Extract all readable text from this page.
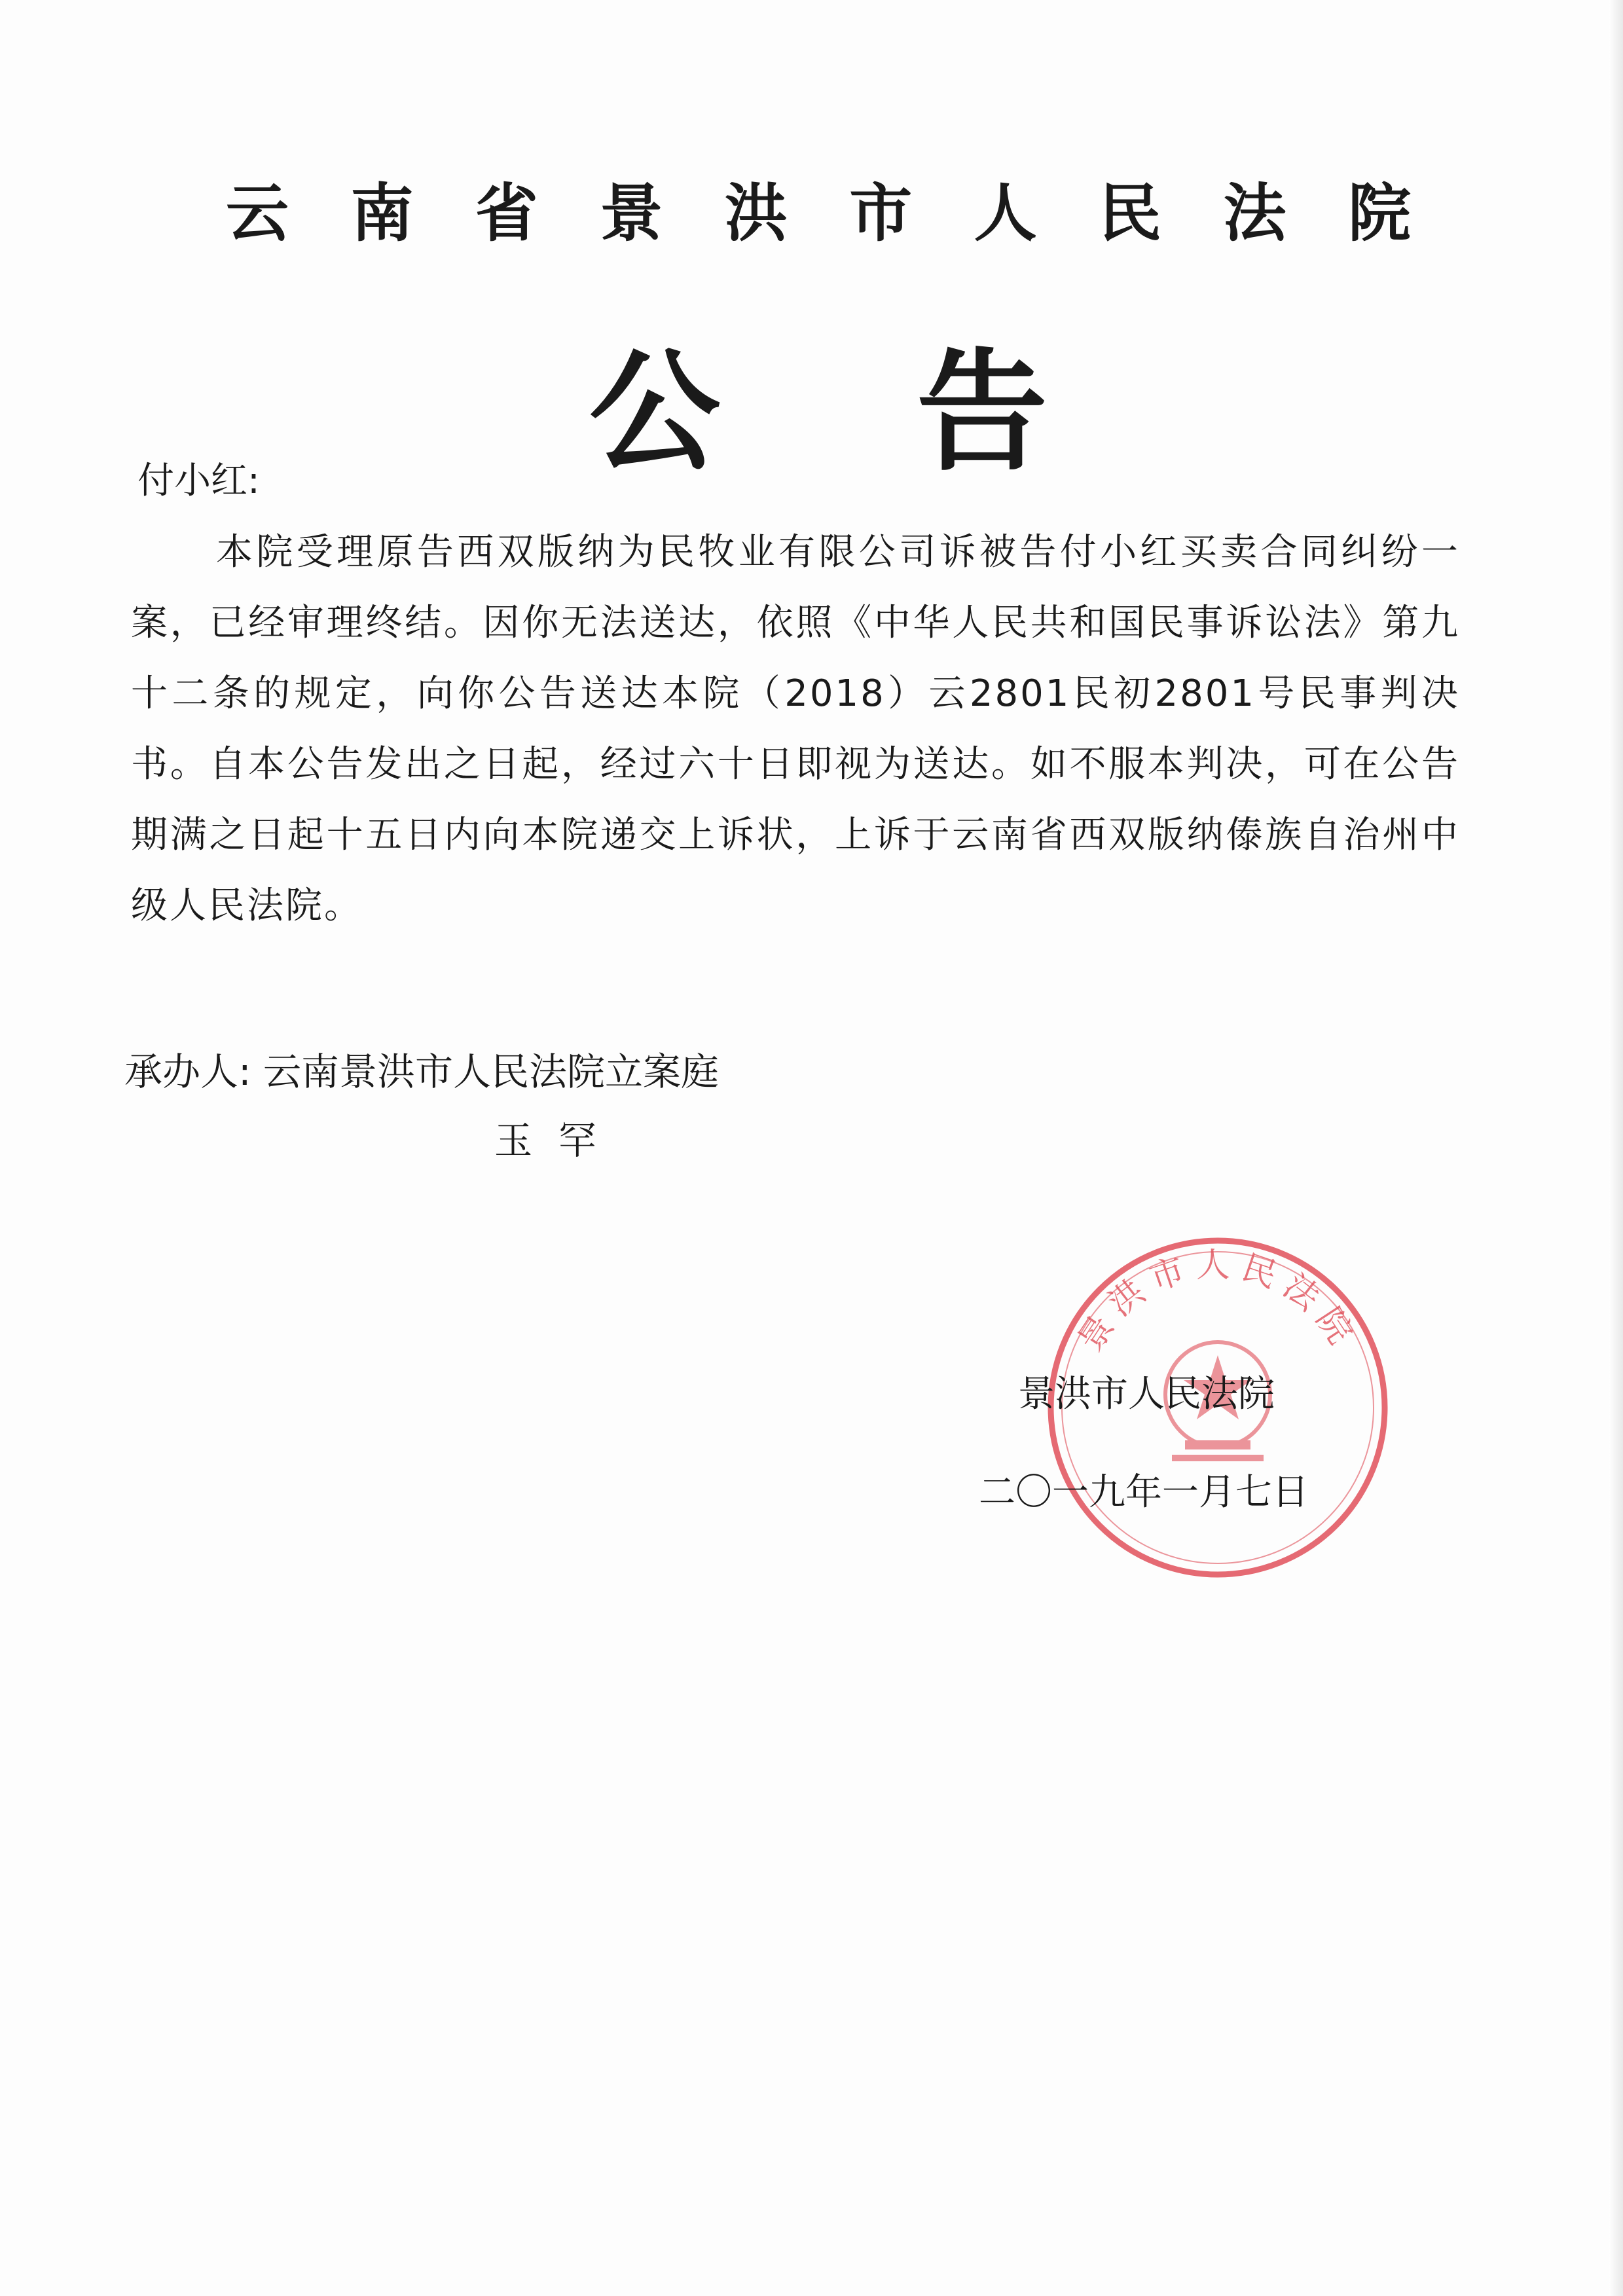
云 南 省 景 洪 市 人 民 法 院
公 告
付小红:
本院受理原告西双版纳为民牧业有限公司诉被告付小红买卖合同纠纷一案，已经审理终结。因你无法送达，依照《中华人民共和国民事诉讼法》第九十二条的规定，向你公告送达本院（2018）云2801民初2801号民事判决书。自本公告发出之日起，经过六十日即视为送达。如不服本判决，可在公告期满之日起十五日内向本院递交上诉状，上诉于云南省西双版纳傣族自治州中级人民法院。
承办人: 云南景洪市人民法院立案庭
玉罕
景洪市人民法院
景洪市人民法院
二〇一九年一月七日
